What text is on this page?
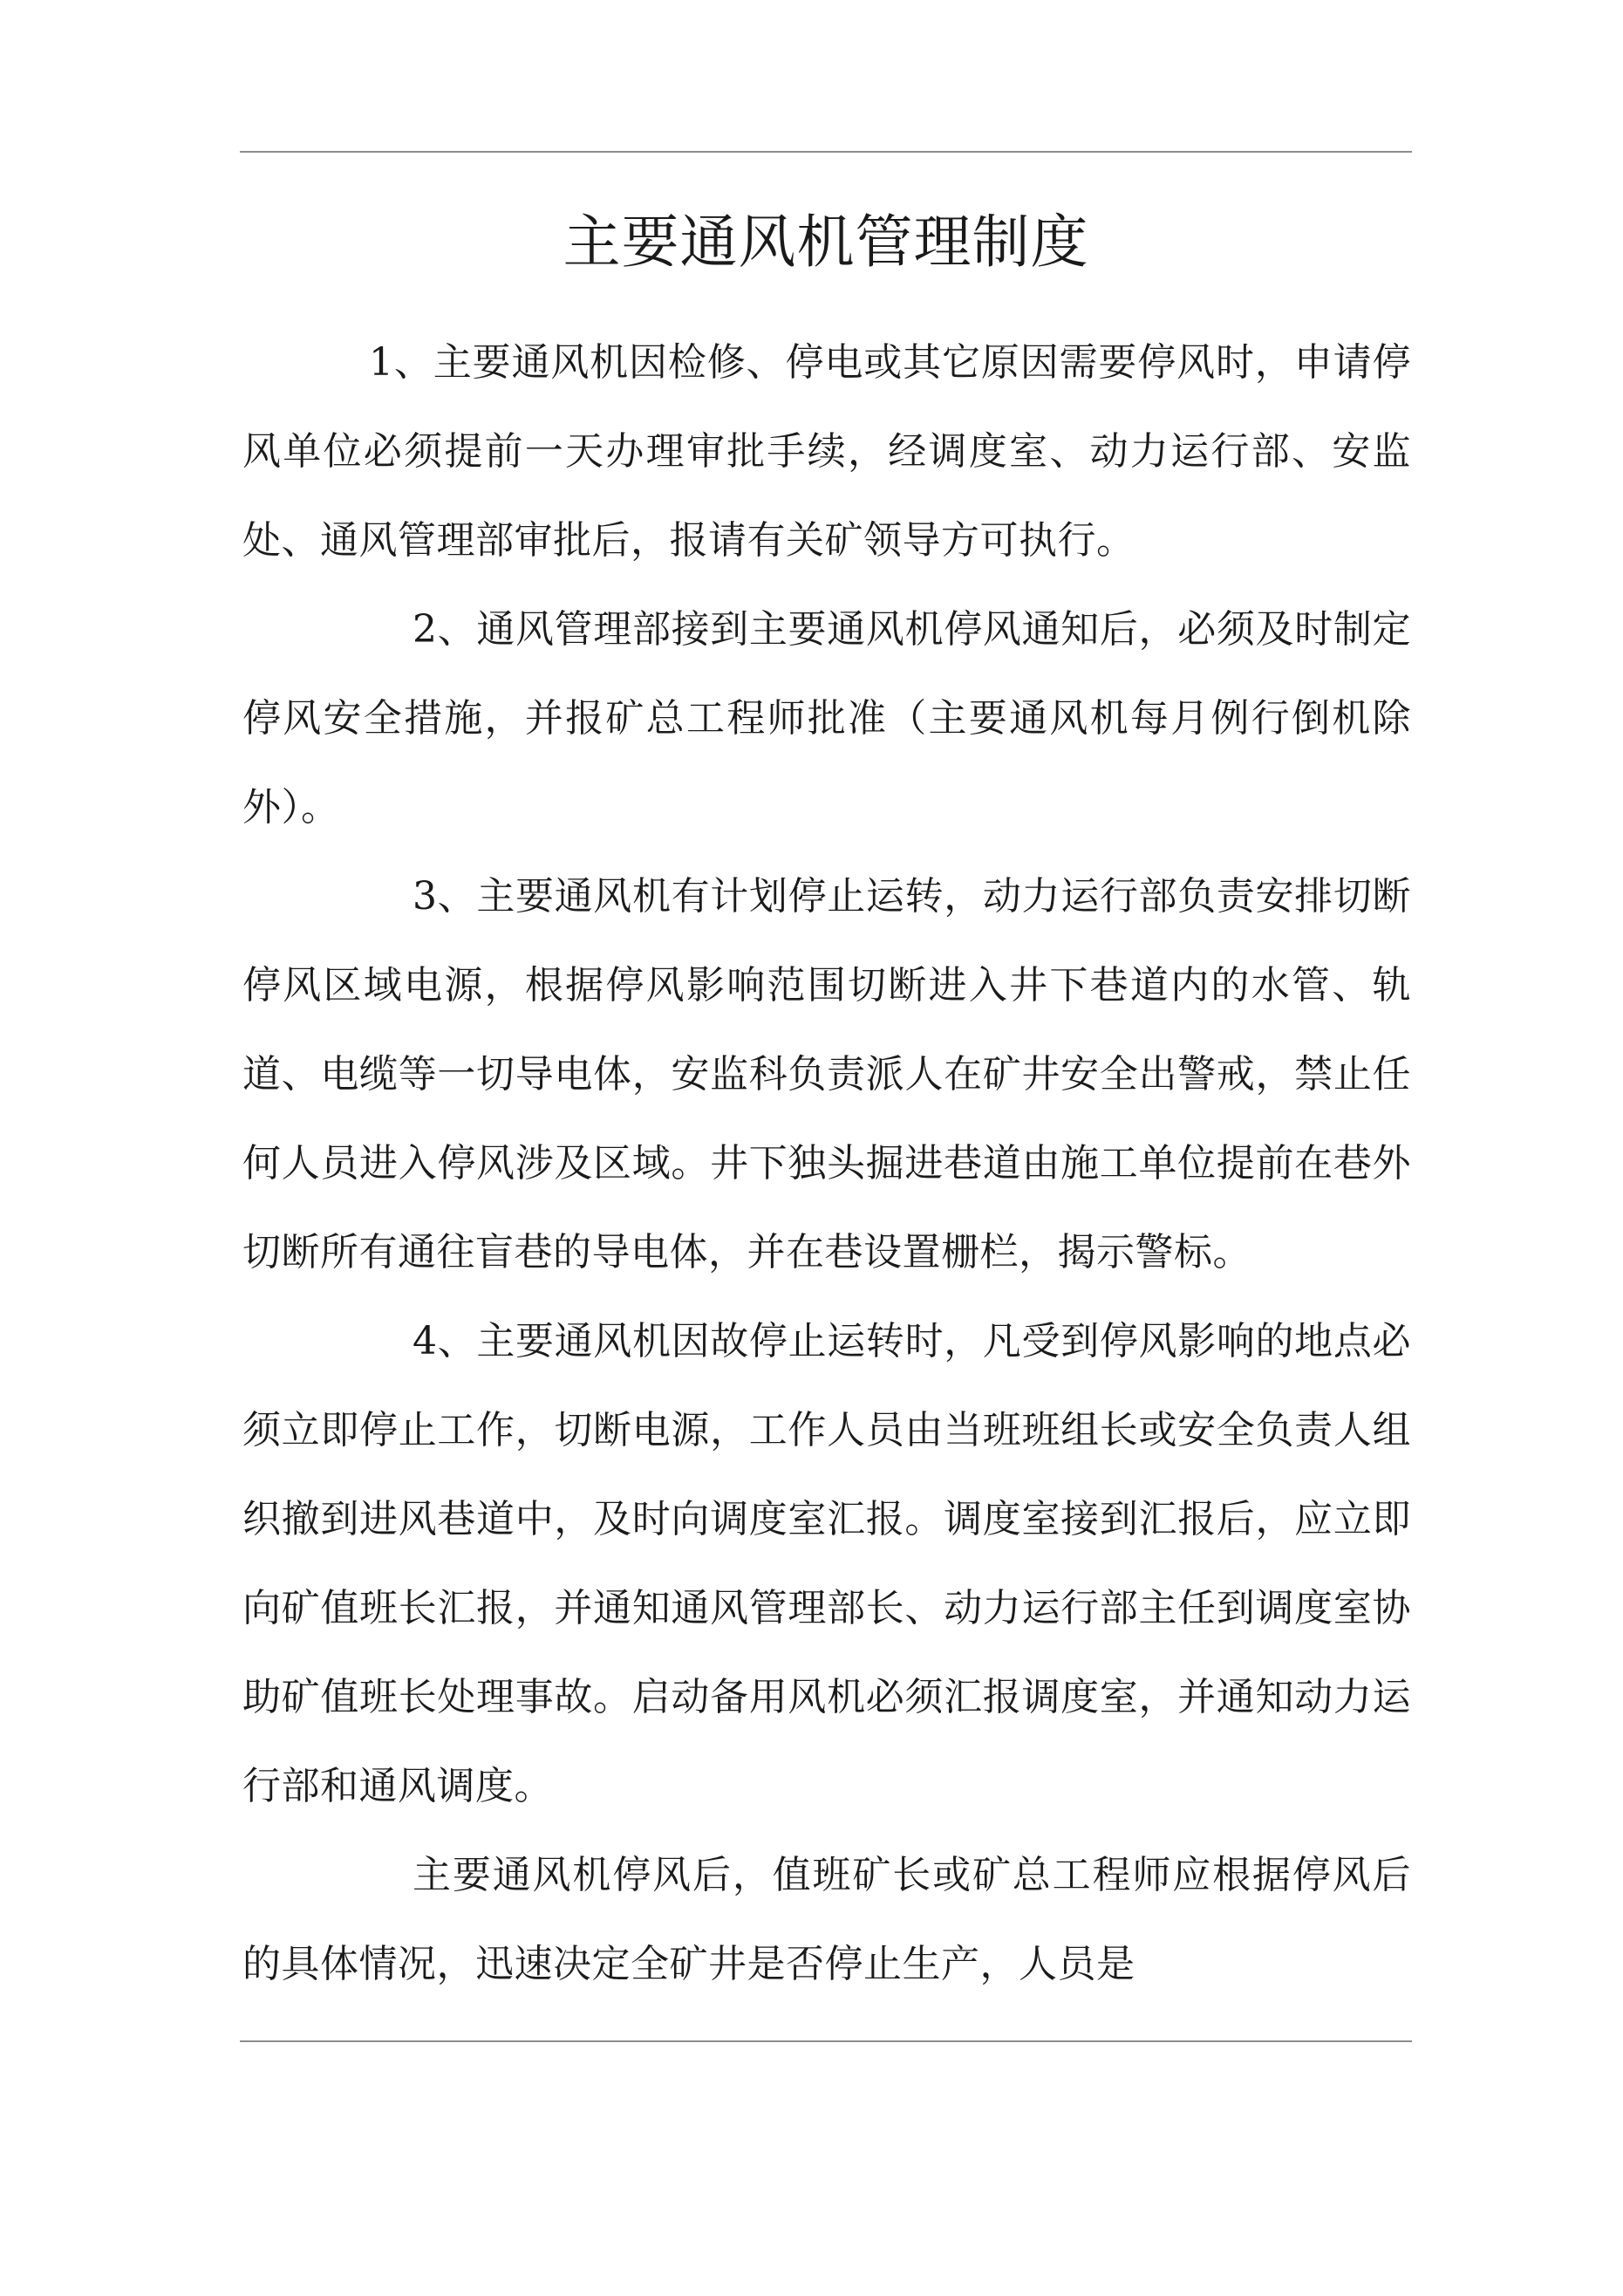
主要通风机管理制度

1、主要通风机因检修、停电或其它原因需要停风时，申请停风单位必须提前一天办理审批手续，经调度室、动力运行部、安监处、通风管理部审批后，报请有关矿领导方可执行。

2、通风管理部接到主要通风机停风通知后，必须及时制定停风安全措施，并报矿总工程师批准（主要通风机每月例行倒机除外）。

3、主要通风机有计划停止运转，动力运行部负责安排切断停风区域电源，根据停风影响范围切断进入井下巷道内的水管、轨道、电缆等一切导电体，安监科负责派人在矿井安全出警戒，禁止任何人员进入停风涉及区域。井下独头掘进巷道由施工单位提前在巷外切断所有通往盲巷的导电体，并在巷设置栅栏，揭示警标。

4、主要通风机因故停止运转时，凡受到停风影响的地点必须立即停止工作，切断电源，工作人员由当班班组长或安全负责人组织撤到进风巷道中，及时向调度室汇报。调度室接到汇报后，应立即向矿值班长汇报，并通知通风管理部长、动力运行部主任到调度室协助矿值班长处理事故。启动备用风机必须汇报调度室，并通知动力运行部和通风调度。

主要通风机停风后，值班矿长或矿总工程师应根据停风后的具体情况，迅速决定全矿井是否停止生产，人员是
